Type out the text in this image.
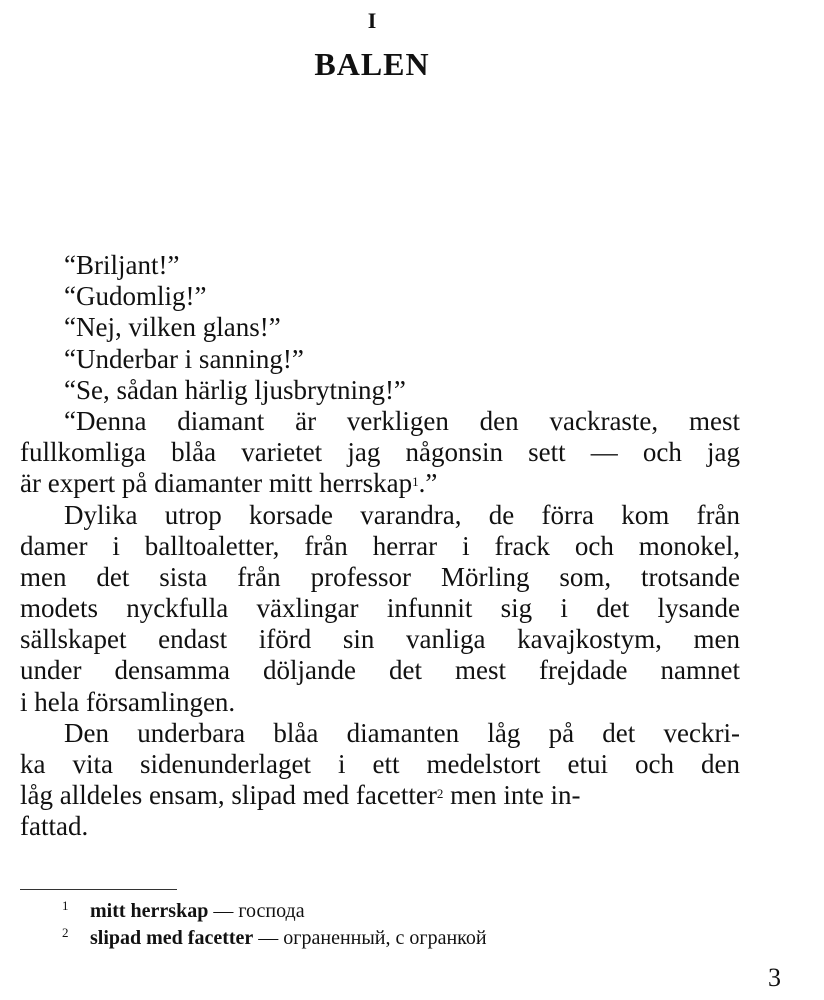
I
BALEN
“Briljant!”
“Gudomlig!”
“Nej, vilken glans!”
“Underbar i sanning!”
“Se, sådan härlig ljusbrytning!”
“Denna diamant är verkligen den vackraste, mest
fullkomliga blåa varietet jag någonsin sett — och jag
är expert på diamanter mitt herrskap$^1$.”
Dylika utrop korsade varandra, de förra kom från
damer i balltoaletter, från herrar i frack och monokel,
men det sista från professor Mörling som, trotsande
modets nyckfulla växlingar infunnit sig i det lysande
sällskapet endast iförd sin vanliga kavajkostym, men
under densamma döljande det mest frejdade namnet
i hela församlingen.
Den underbara blåa diamanten låg på det veckri-
ka vita sidenunderlaget i ett medelstort etui och den
låg alldeles ensam, slipad med facetter$^2$ men inte in-
fattad.
1 mitt herrskap — господа
2 slipad med facetter — ограненный, с огранкой
3
